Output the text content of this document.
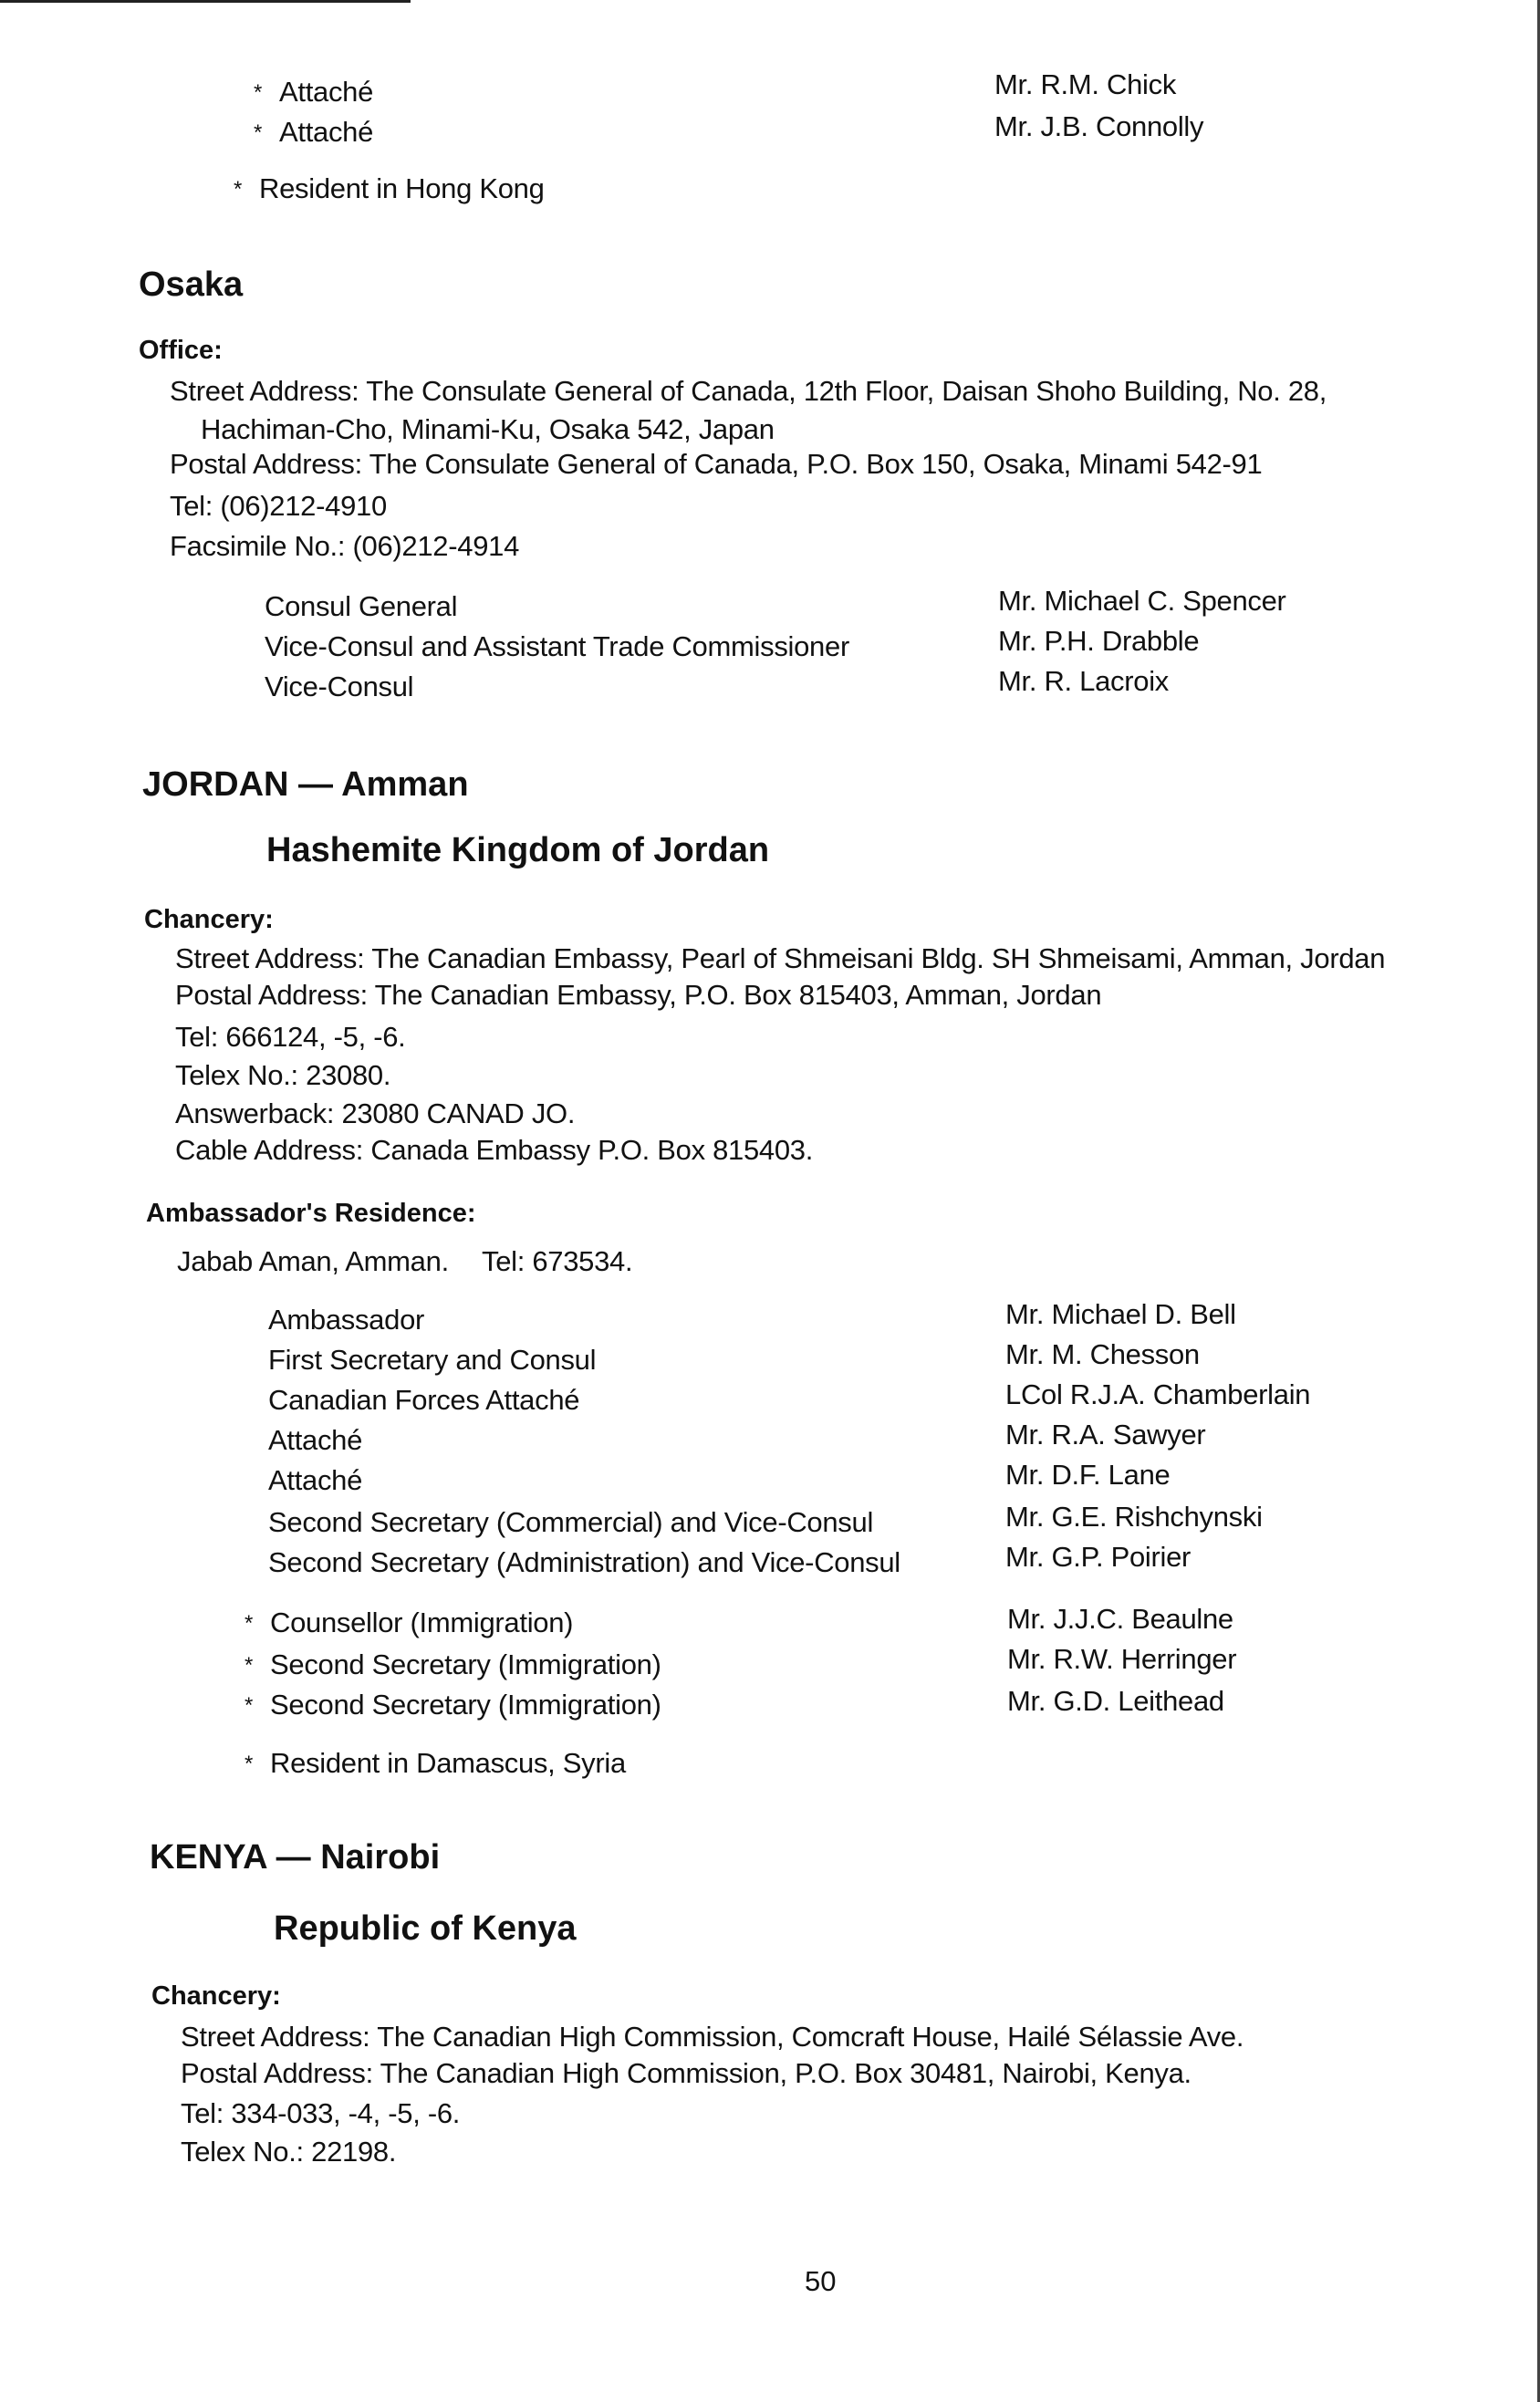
* Attaché	Mr. R.M. Chick
* Attaché	Mr. J.B. Connolly
* Resident in Hong Kong
Osaka
Office:
Street Address: The Consulate General of Canada, 12th Floor, Daisan Shoho Building, No. 28,
Hachiman-Cho, Minami-Ku, Osaka 542, Japan
Postal Address: The Consulate General of Canada, P.O. Box 150, Osaka, Minami 542-91
Tel: (06)212-4910
Facsimile No.: (06)212-4914
Consul General	Mr. Michael C. Spencer
Vice-Consul and Assistant Trade Commissioner	Mr. P.H. Drabble
Vice-Consul	Mr. R. Lacroix
JORDAN — Amman
Hashemite Kingdom of Jordan
Chancery:
Street Address: The Canadian Embassy, Pearl of Shmeisani Bldg. SH Shmeisami, Amman, Jordan
Postal Address: The Canadian Embassy, P.O. Box 815403, Amman, Jordan
Tel: 666124, -5, -6.
Telex No.: 23080.
Answerback: 23080 CANAD JO.
Cable Address: Canada Embassy P.O. Box 815403.
Ambassador's Residence:
Jabab Aman, Amman. Tel: 673534.
Ambassador	Mr. Michael D. Bell
First Secretary and Consul	Mr. M. Chesson
Canadian Forces Attaché	LCol R.J.A. Chamberlain
Attaché	Mr. R.A. Sawyer
Attaché	Mr. D.F. Lane
Second Secretary (Commercial) and Vice-Consul	Mr. G.E. Rishchynski
Second Secretary (Administration) and Vice-Consul	Mr. G.P. Poirier
* Counsellor (Immigration)	Mr. J.J.C. Beaulne
* Second Secretary (Immigration)	Mr. R.W. Herringer
* Second Secretary (Immigration)	Mr. G.D. Leithead
* Resident in Damascus, Syria
KENYA — Nairobi
Republic of Kenya
Chancery:
Street Address: The Canadian High Commission, Comcraft House, Hailé Sélassie Ave.
Postal Address: The Canadian High Commission, P.O. Box 30481, Nairobi, Kenya.
Tel: 334-033, -4, -5, -6.
Telex No.: 22198.
50
